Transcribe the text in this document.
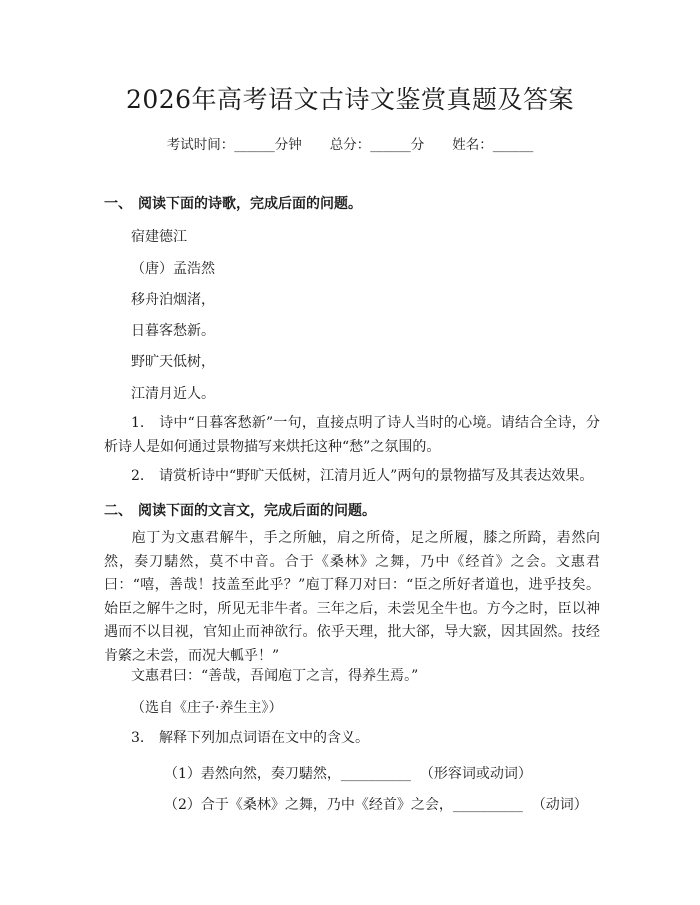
2026年高考语文古诗文鉴赏真题及答案
考试时间：______分钟 总分：______分 姓名：______
一、 阅读下面的诗歌，完成后面的问题。
宿建德江
（唐）孟浩然
移舟泊烟渚，
日暮客愁新。
野旷天低树，
江清月近人。
1. 诗中“日暮客愁新”一句，直接点明了诗人当时的心境。请结合全诗，分析诗人是如何通过景物描写来烘托这种“愁”之氛围的。
2. 请赏析诗中“野旷天低树，江清月近人”两句的景物描写及其表达效果。
二、 阅读下面的文言文，完成后面的问题。
庖丁为文惠君解牛，手之所触，肩之所倚，足之所履，膝之所踦，砉然向然，奏刀騞然，莫不中音。合于《桑林》之舞，乃中《经首》之会。文惠君曰：“嘻，善哉！技盖至此乎？”庖丁释刀对曰：“臣之所好者道也，进乎技矣。始臣之解牛之时，所见无非牛者。三年之后，未尝见全牛也。方今之时，臣以神遇而不以目视，官知止而神欲行。依乎天理，批大郤，导大窾，因其固然。技经肯綮之未尝，而况大軱乎！”
文惠君曰：“善哉，吾闻庖丁之言，得养生焉。”
（选自《庄子·养生主》）
3. 解释下列加点词语在文中的含义。
（1）砉然向然，奏刀騞然，__________ （形容词或动词）
（2）合于《桑林》之舞，乃中《经首》之会，__________ （动词）
